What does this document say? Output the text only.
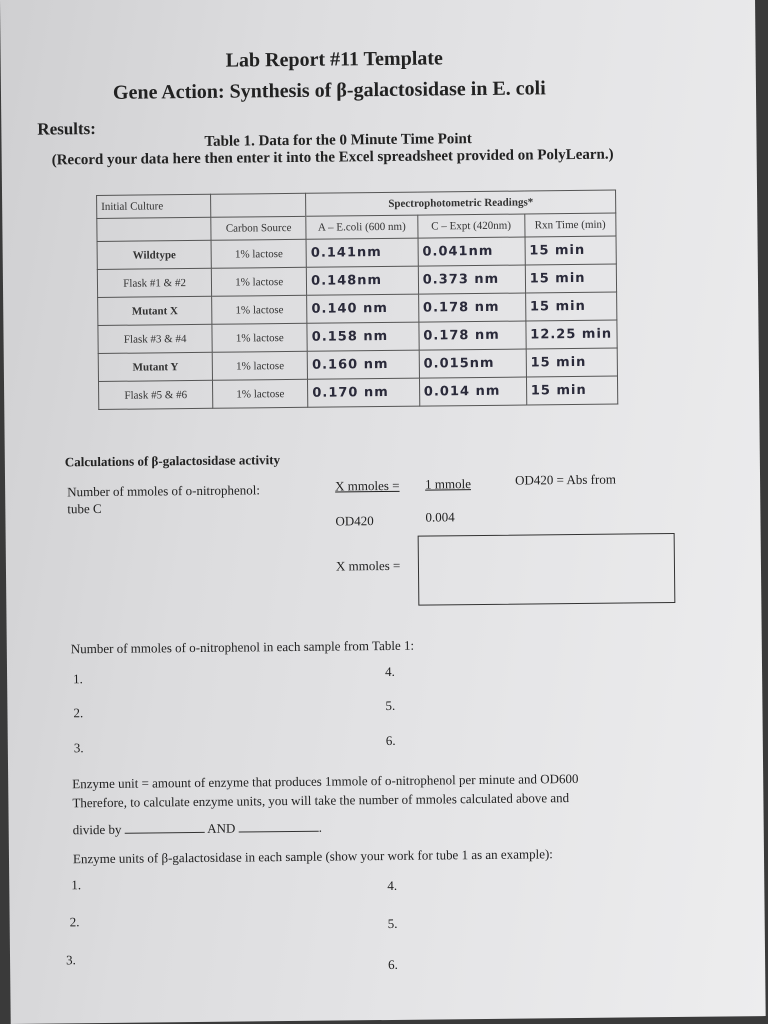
Lab Report #11 Template
Gene Action: Synthesis of β-galactosidase in E. coli
Results:
Table 1. Data for the 0 Minute Time Point
(Record your data here then enter it into the Excel spreadsheet provided on PolyLearn.)
Initial Culture		Spectrophotometric Readings*		
	Carbon Source	A – E.coli (600 nm)	C – Expt (420nm)	Rxn Time (min)
Wildtype	1% lactose	0.141nm	0.041nm	15 min
Flask #1 & #2	1% lactose	0.148nm	0.373 nm	15 min
Mutant X	1% lactose	0.140 nm	0.178 nm	15 min
Flask #3 & #4	1% lactose	0.158 nm	0.178 nm	12.25 min
Mutant Y	1% lactose	0.160 nm	0.015nm	15 min
Flask #5 & #6	1% lactose	0.170 nm	0.014 nm	15 min
Calculations of β-galactosidase activity
Number of mmoles of o-nitrophenol:
tube C
X mmoles = 1 mmole	OD420 = Abs from
OD420	0.004
X mmoles =
Number of mmoles of o-nitrophenol in each sample from Table 1:
1.	4.
2.	5.
3.	6.
Enzyme unit = amount of enzyme that produces 1mmole of o-nitrophenol per minute and OD600
Therefore, to calculate enzyme units, you will take the number of mmoles calculated above and
divide by	AND	.
Enzyme units of β-galactosidase in each sample (show your work for tube 1 as an example):
1.	4.
2.	5.
3.	6.
